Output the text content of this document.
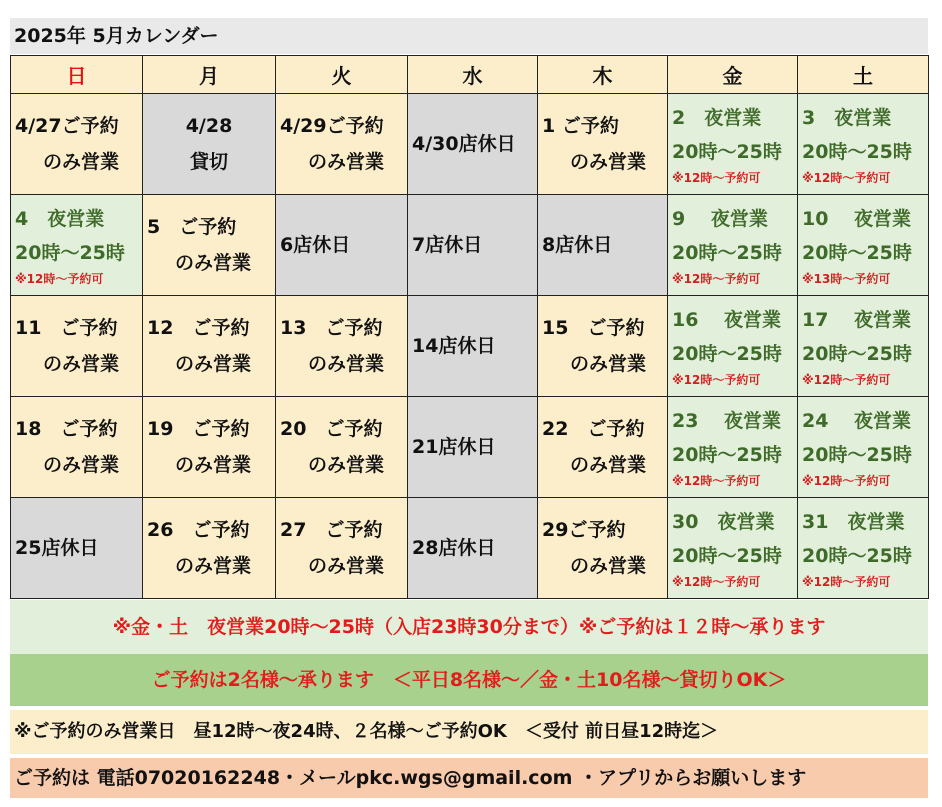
2025年 5月カレンダー
日	月	火	水	木	金	土

4/27ご予約
のみ営業	4/28
貸切	4/29ご予約
のみ営業	4/30店休日	1 ご予約
のみ営業	2　夜営業
20時～25時
※12時～予約可	3　夜営業
20時～25時
※12時～予約可

4　夜営業
20時～25時
※12時～予約可	5　ご予約
のみ営業	6店休日	7店休日	8店休日	9　 夜営業
20時～25時
※12時～予約可	10　 夜営業
20時～25時
※13時～予約可

11　ご予約
のみ営業	12　ご予約
のみ営業	13　ご予約
のみ営業	14店休日	15　ご予約
のみ営業	16　 夜営業
20時～25時
※12時～予約可	17　 夜営業
20時～25時
※12時～予約可

18　ご予約
のみ営業	19　ご予約
のみ営業	20　ご予約
のみ営業	21店休日	22　ご予約
のみ営業	23　 夜営業
20時～25時
※12時～予約可	24　 夜営業
20時～25時
※12時～予約可

25店休日	26　ご予約
のみ営業	27　ご予約
のみ営業	28店休日	29ご予約
のみ営業	30　夜営業
20時～25時
※12時～予約可	31　夜営業
20時～25時
※12時～予約可
※金・土　夜営業20時～25時（入店23時30分まで）※ご予約は１２時～承ります
ご予約は2名様～承ります　＜平日8名様～／金・土10名様～貸切りOK＞
※ご予約のみ営業日　昼12時～夜24時、２名様～ご予約OK　＜受付 前日昼12時迄＞
ご予約は 電話07020162248・メールpkc.wgs@gmail.com ・アプリからお願いします
